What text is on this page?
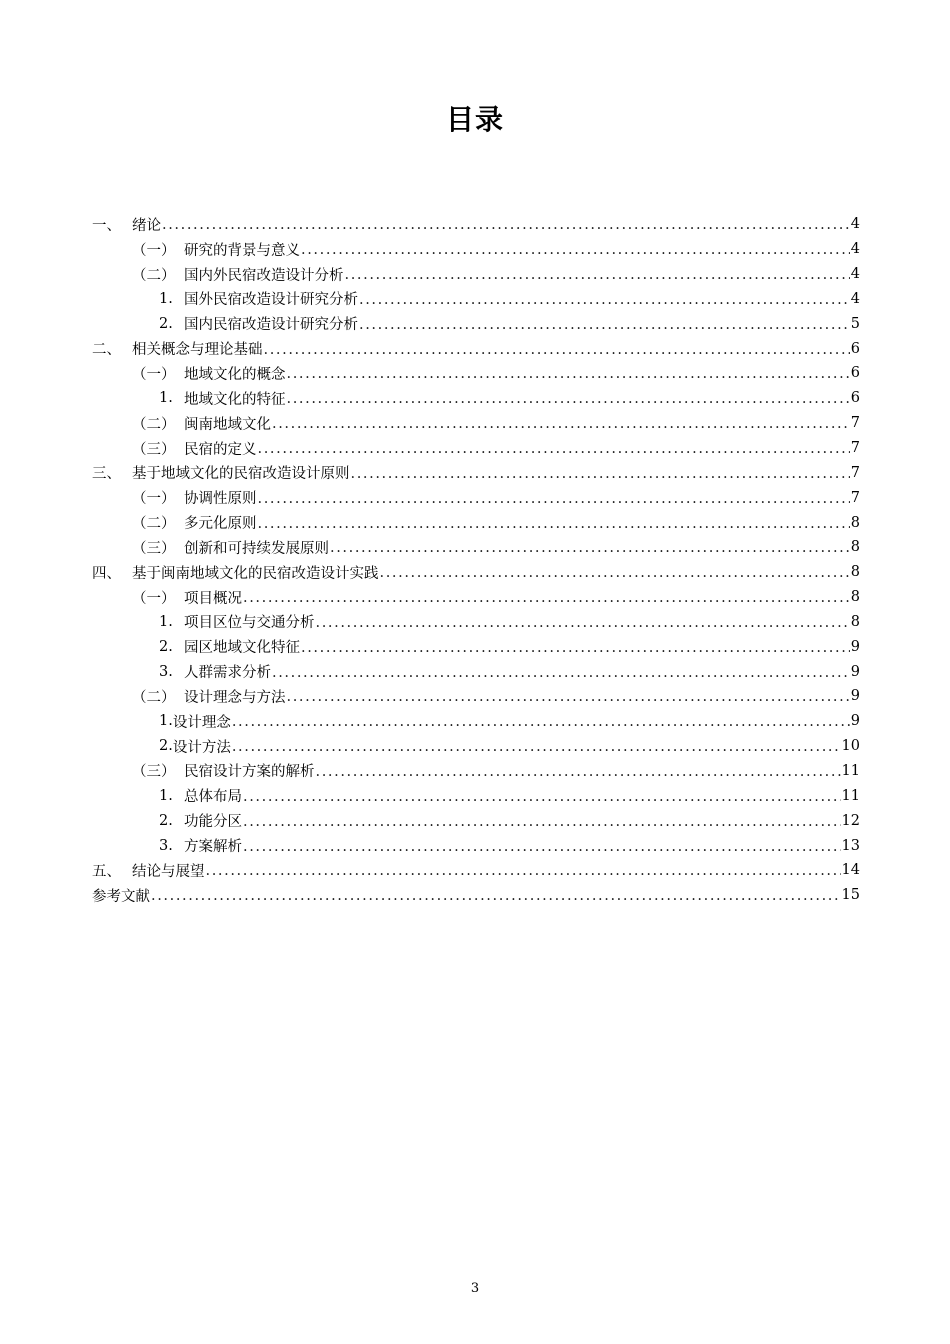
目录
一、 绪论 .....	4
（一） 研究的背景与意义 .....	4
（二） 国内外民宿改造设计分析 .....	4
1. 国外民宿改造设计研究分析 .....	4
2. 国内民宿改造设计研究分析 .....	5
二、 相关概念与理论基础 .....	6
（一） 地域文化的概念 .....	6
1. 地域文化的特征 .....	6
（二） 闽南地域文化 .....	7
（三） 民宿的定义 .....	7
三、 基于地域文化的民宿改造设计原则 .....	7
（一） 协调性原则 .....	7
（二） 多元化原则 .....	8
（三） 创新和可持续发展原则 .....	8
四、 基于闽南地域文化的民宿改造设计实践 .....	8
（一） 项目概况 .....	8
1. 项目区位与交通分析 .....	8
2. 园区地域文化特征 .....	9
3. 人群需求分析 .....	9
（二） 设计理念与方法 .....	9
1. 设计理念 .....	9
2. 设计方法 .....	10
（三） 民宿设计方案的解析 .....	11
1. 总体布局 .....	11
2. 功能分区 .....	12
3. 方案解析 .....	13
五、 结论与展望 .....	14
参考文献 .....	15
3
